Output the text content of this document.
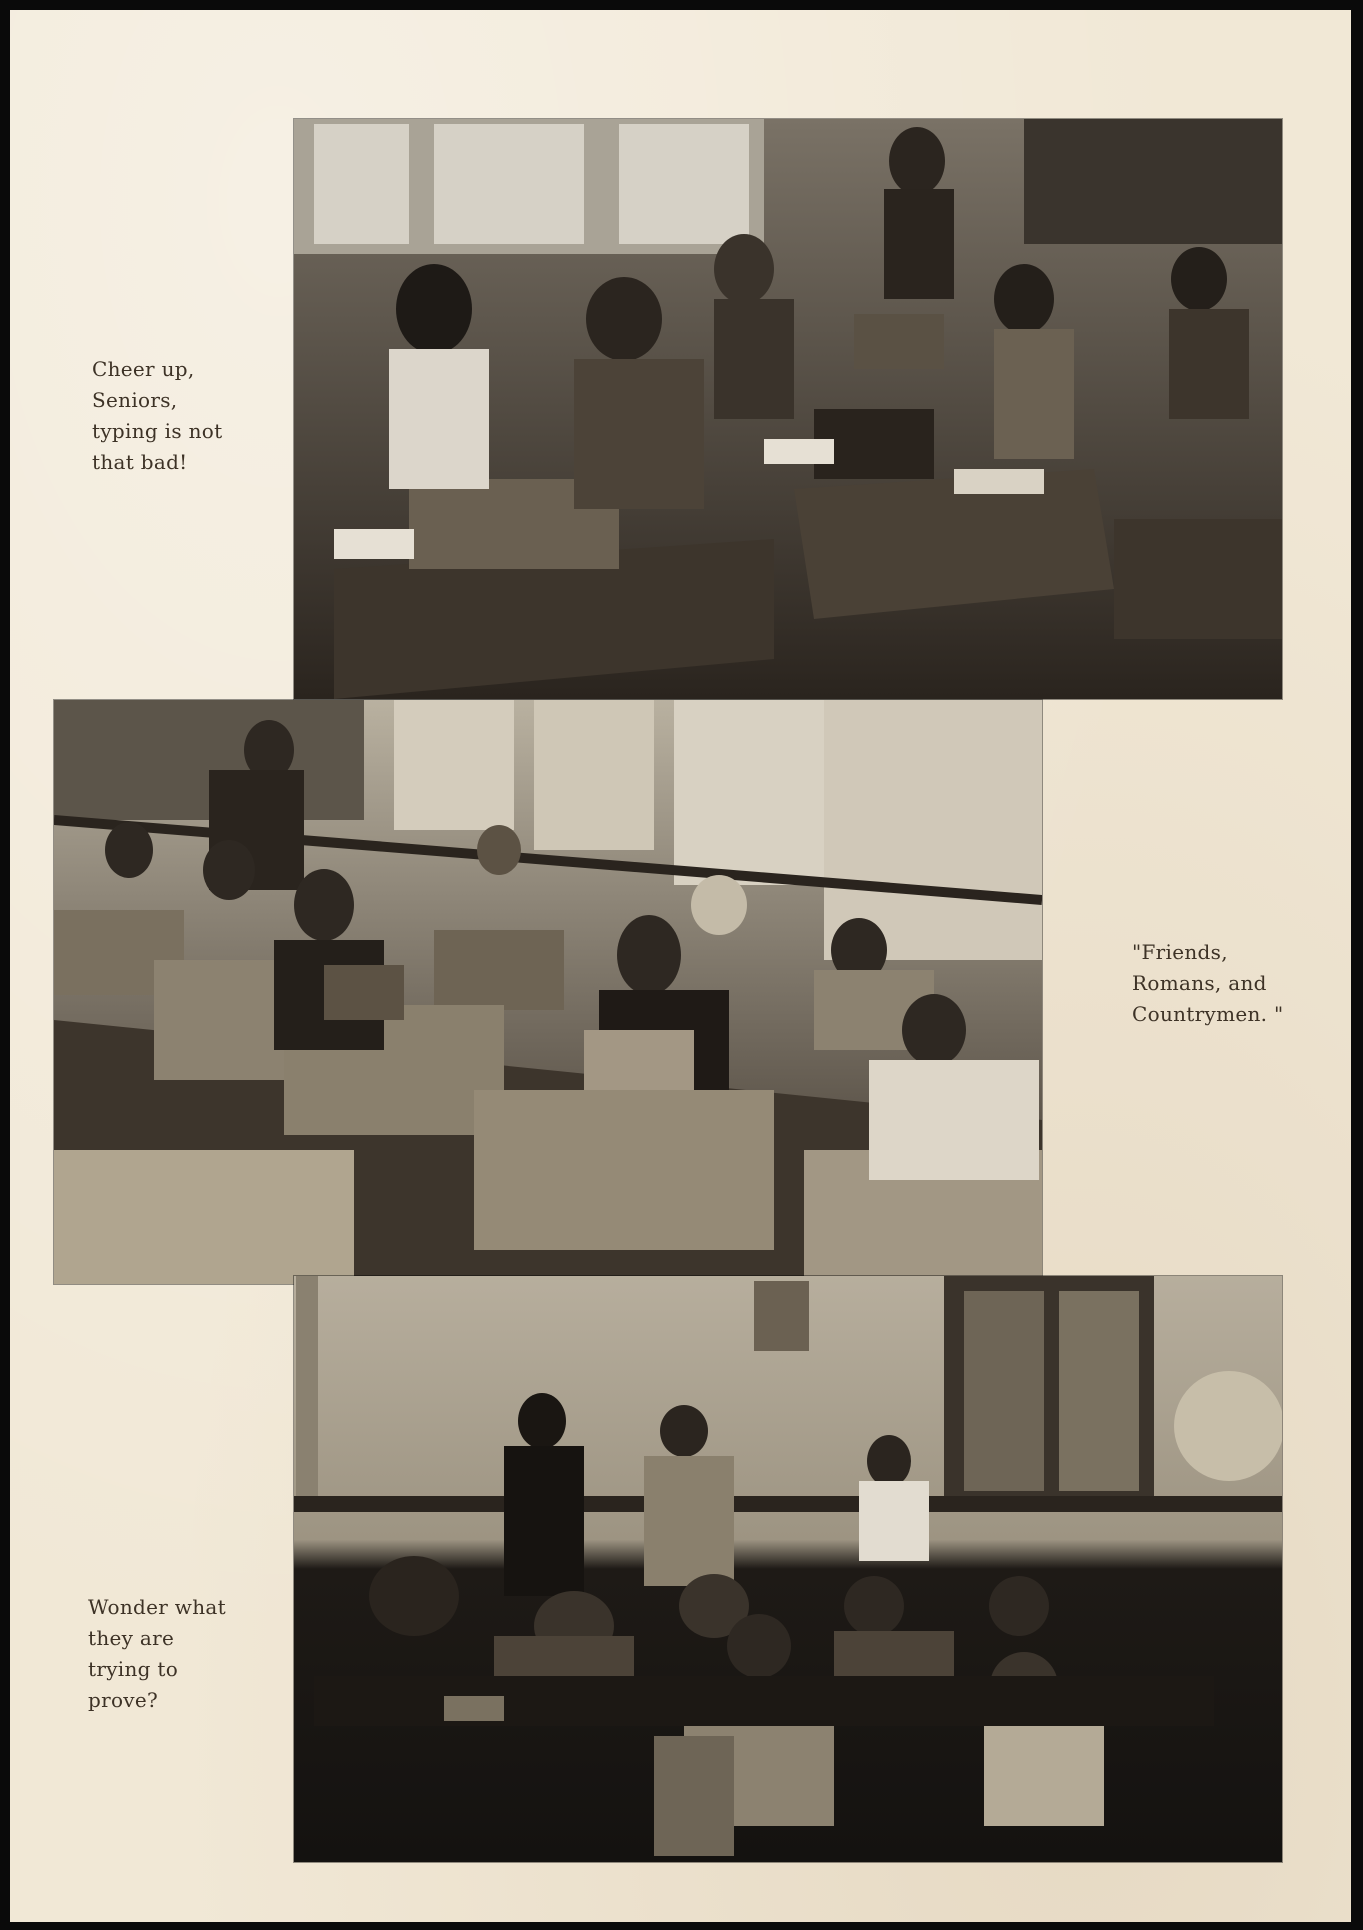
Cheer up,
Seniors,
typing is not
that bad!
"Friends,
Romans, and
Countrymen. "
Wonder what
they are
trying to
prove?
